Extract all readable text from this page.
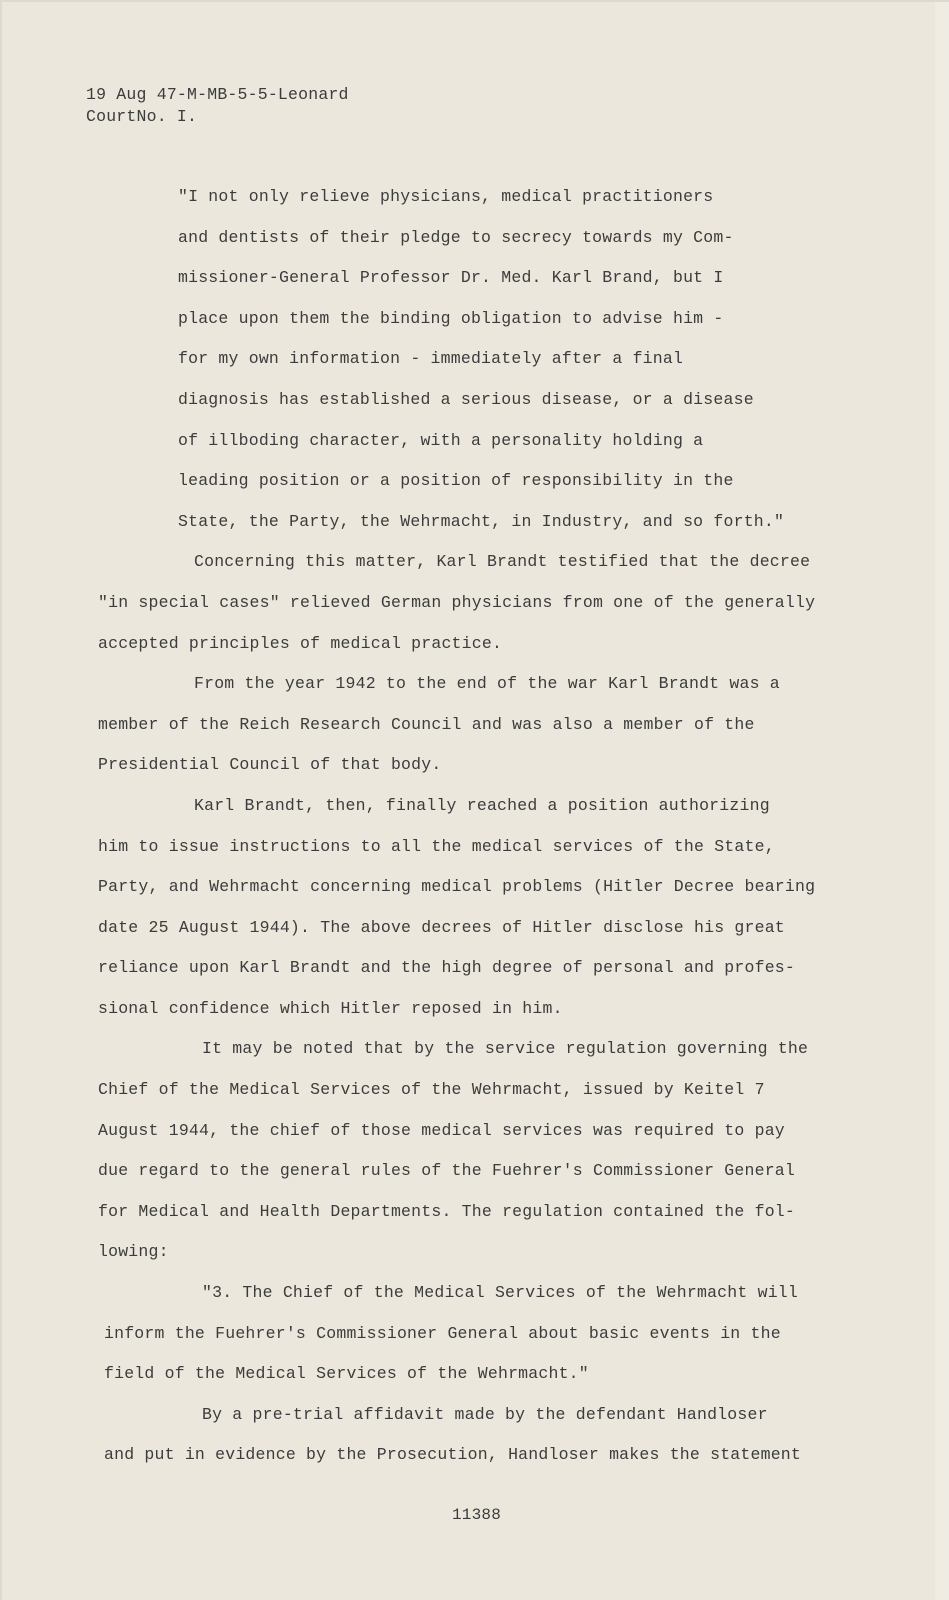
19 Aug 47-M-MB-5-5-Leonard
CourtNo. I.
"I not only relieve physicians, medical practitioners
and dentists of their pledge to secrecy towards my Com-
missioner-General Professor Dr. Med. Karl Brand, but I
place upon them the binding obligation to advise him -
for my own information - immediately after a final
diagnosis has established a serious disease, or a disease
of illboding character, with a personality holding a
leading position or a position of responsibility in the
State, the Party, the Wehrmacht, in Industry, and so forth."
Concerning this matter, Karl Brandt testified that the decree
"in special cases" relieved German physicians from one of the generally
accepted principles of medical practice.
From the year 1942 to the end of the war Karl Brandt was a
member of the Reich Research Council and was also a member of the
Presidential Council of that body.
Karl Brandt, then, finally reached a position authorizing
him to issue instructions to all the medical services of the State,
Party, and Wehrmacht concerning medical problems (Hitler Decree bearing
date 25 August 1944). The above decrees of Hitler disclose his great
reliance upon Karl Brandt and the high degree of personal and profes-
sional confidence which Hitler reposed in him.
It may be noted that by the service regulation governing the
Chief of the Medical Services of the Wehrmacht, issued by Keitel 7
August 1944, the chief of those medical services was required to pay
due regard to the general rules of the Fuehrer's Commissioner General
for Medical and Health Departments. The regulation contained the fol-
lowing:
"3. The Chief of the Medical Services of the Wehrmacht will
inform the Fuehrer's Commissioner General about basic events in the
field of the Medical Services of the Wehrmacht."
By a pre-trial affidavit made by the defendant Handloser
and put in evidence by the Prosecution, Handloser makes the statement
11388
